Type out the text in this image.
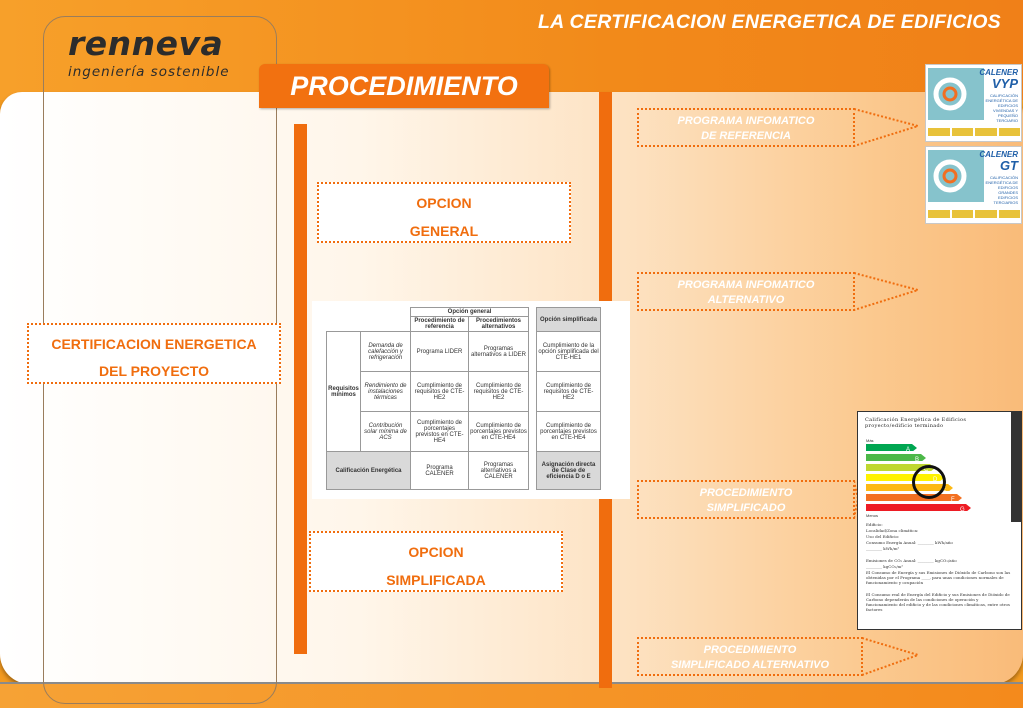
renneva
ingeniería sostenible
LA CERTIFICACION ENERGETICA DE EDIFICIOS
PROCEDIMIENTO
CERTIFICACION ENERGETICA
DEL PROYECTO
OPCION
GENERAL
OPCION
SIMPLIFICADA
		Opción general			Opción simplificada
		Procedimiento de referencia	Procedimientos alternativos		
Requisitos mínimos	Demanda de calefacción y refrigeración	Programa LIDER	Programas alternativos a LIDER		Cumplimiento de la opción simplificada del CTE-HE1
	Rendimiento de instalaciones térmicas	Cumplimiento de requisitos de CTE-HE2	Cumplimiento de requisitos de CTE-HE2		Cumplimiento de requisitos de CTE-HE2
	Contribución solar mínima de ACS	Cumplimiento de porcentajes previstos en CTE-HE4	Cumplimiento de porcentajes previstos en CTE-HE4		Cumplimiento de porcentajes previstos en CTE-HE4
Calificación Energética		Programa CALENER	Programas alternativos a CALENER		Asignación directa de Clase de eficiencia D o E
PROGRAMA INFOMATICO
DE REFERENCIA
PROGRAMA INFOMATICO
ALTERNATIVO
PROCEDIMIENTO
SIMPLIFICADO
PROCEDIMIENTO
SIMPLIFICADO ALTERNATIVO
CALENER
VYP
CALIFICACIÓN ENERGÉTICA DE EDIFICIOS VIVIENDAS Y PEQUEÑO TERCIARIO
CALENER
GT
CALIFICACIÓN ENERGÉTICA DE EDIFICIOS GRANDES EDIFICIOS TERCIARIOS
Calificación Energética de Edificios
proyecto/edificio terminado
Más
A
B
C
D
E
F
G
Menos
Edificio:
Localidad/Zona climática:
Uso del Edificio:
Consumo Energía Anual: ________ kWh/año
________ kWh/m²
Emisiones de CO₂ Anual: ________ kgCO₂/año
________ kgCO₂/m²
El Consumo de Energía y sus Emisiones de Dióxido de Carbono son las obtenidas por el Programa ____, para unas condiciones normales de funcionamiento y ocupación
El Consumo real de Energía del Edificio y sus Emisiones de Dióxido de Carbono dependerán de las condiciones de operación y funcionamiento del edificio y de las condiciones climáticas, entre otros factores
